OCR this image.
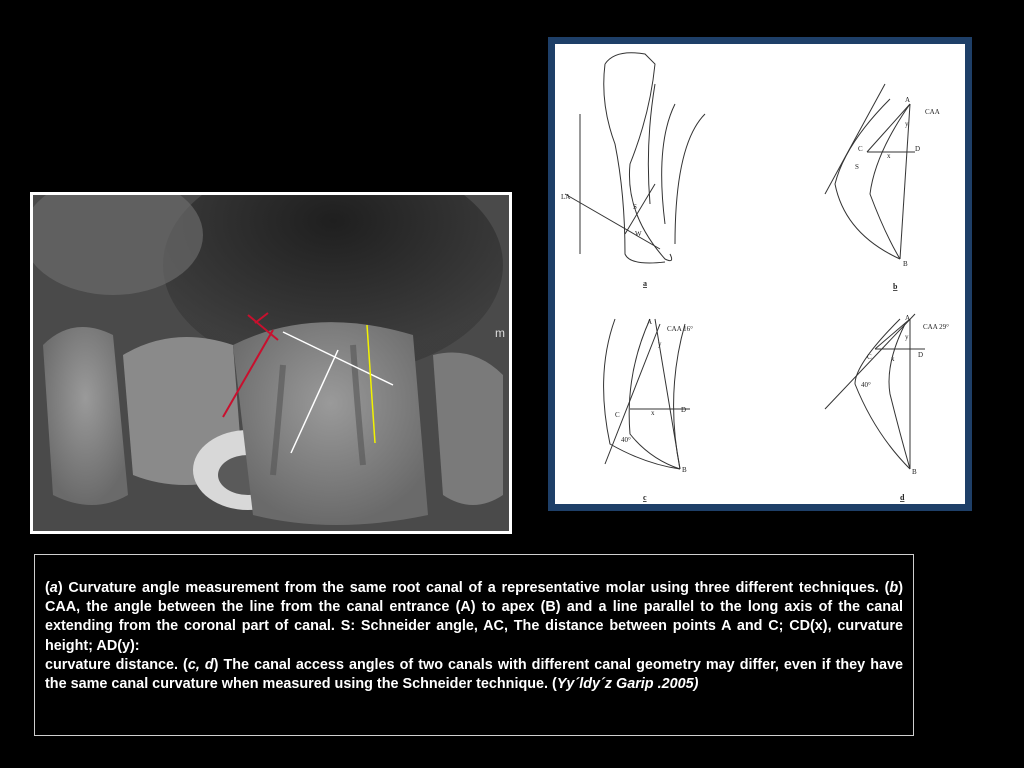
m
LA
S
W
a
A
CAA
y
C
x
D
S
B
b
A
CAA 16°
y
C	x	D
40°
B
c
A
CAA 29°
y
C	x	D
40°
B
d

(a) Curvature angle measurement from the same root canal of a representative molar using three different techniques. (b) CAA, the angle between the line from the canal entrance (A) to apex (B) and a line parallel to the long axis of the canal extending from the coronal part of canal. S: Schneider angle, AC, The distance between points A and C; CD(x), curvature height; AD(y):
curvature distance. (c, d) The canal access angles of two canals with different canal geometry may differ, even if they have the same canal curvature when measured using the Schneider technique. (Yy´ldy´z Garip .2005)
